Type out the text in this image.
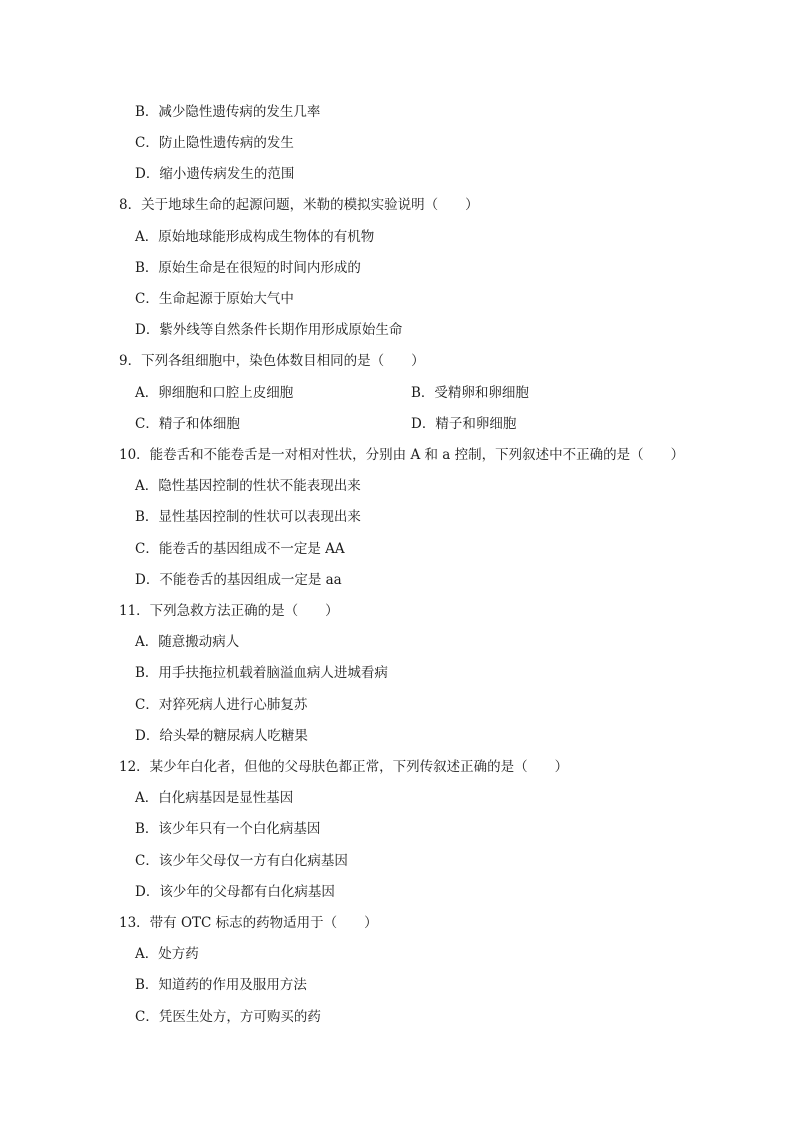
B．减少隐性遗传病的发生几率
C．防止隐性遗传病的发生
D．缩小遗传病发生的范围
8．关于地球生命的起源问题，米勒的模拟实验说明（　　）
A．原始地球能形成构成生物体的有机物
B．原始生命是在很短的时间内形成的
C．生命起源于原始大气中
D．紫外线等自然条件长期作用形成原始生命
9．下列各组细胞中，染色体数目相同的是（　　）
A．卵细胞和口腔上皮细胞	B．受精卵和卵细胞
C．精子和体细胞	D．精子和卵细胞
10．能卷舌和不能卷舌是一对相对性状，分别由 A 和 a 控制，下列叙述中不正确的是（　　）
A．隐性基因控制的性状不能表现出来
B．显性基因控制的性状可以表现出来
C．能卷舌的基因组成不一定是 AA
D．不能卷舌的基因组成一定是 aa
11．下列急救方法正确的是（　　）
A．随意搬动病人
B．用手扶拖拉机载着脑溢血病人进城看病
C．对猝死病人进行心肺复苏
D．给头晕的糖尿病人吃糖果
12．某少年白化者，但他的父母肤色都正常，下列传叙述正确的是（　　）
A．白化病基因是显性基因
B．该少年只有一个白化病基因
C．该少年父母仅一方有白化病基因
D．该少年的父母都有白化病基因
13．带有 OTC 标志的药物适用于（　　）
A．处方药
B．知道药的作用及服用方法
C．凭医生处方，方可购买的药
